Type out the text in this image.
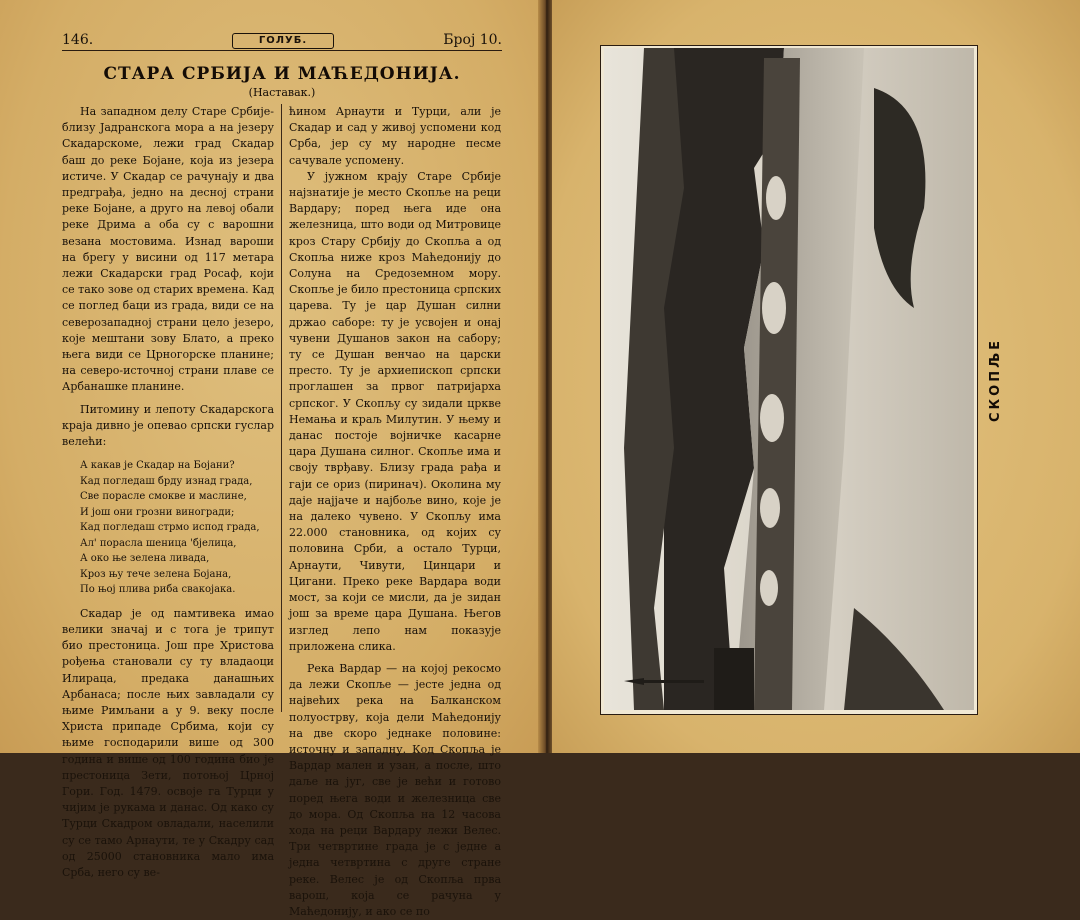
146.	ГОЛУБ.	Број 10.
СТАРА СРБИЈА И МАЋЕДОНИЈА.
(Наставак.)

На западном делу Старе Србије-близу Јадранскога мора а на језеру Скадарскоме, лежи град Скадар баш до реке Бојане, која из језера истиче. У Скадар се рачунају и два предграђа, једно на десној страни реке Бојане, а друго на левој обали реке Дрима а оба су с варошни везана мостовима. Изнад вароши на брегу у висини од 117 метара лежи Скадарски град Росаф, који се тако зове од старих времена. Кад се поглед баци из града, види се на северозападној страни цело језеро, које мештани зову Блато, а преко њега види се Црногорске планине; на северо-источној страни плаве се Арбанашке планине.

Питомину и лепоту Скадарскога краја дивно је опевао српски гуслар велећи:

А какав је Скадар на Бојани?
Кад погледаш брду изнад града,
Све порасле смокве и маслине,
И још они грозни виногради;
Кад погледаш стрмо испод града,
Ал' порасла шеница 'бјелица,
А око ње зелена ливада,
Кроз њу тече зелена Бојана,
По њој плива риба свакојака.

Скадар је од памтивека имао велики значај и с тога је трипут био престоница. Још пре Христова рођења становали су ту владаоци Илираца, предака данашњих Арбанаса; после њих завладали су њиме Римљани а у 9. веку после Христа припаде Србима, који су њиме господарили више од 300 година и више од 100 година био је престоница Зети, потоњој Црној Гори. Год. 1479. освоје га Турци у чијим је рукама и данас. Од како су Турци Скадром овладали, населили су се тамо Арнаути, те у Скадру сад од 25000 становника мало има Срба, него су ве-

ћином Арнаути и Турци, али је Скадар и сад у живој успомени код Срба, јер су му народне песме сачувале успомену.

У јужном крају Старе Србије најзнатије је место Скопље на реци Вардару; поред њега иде она железница, што води од Митровице кроз Стару Србију до Скопља а од Скопља ниже кроз Маћедонију до Солуна на Средоземном мору. Скопље је било престоница српских царева. Ту је цар Душан силни држао саборе: ту је усвојен и онај чувени Душанов закон на сабору; ту се Душан венчао на царски престо. Ту је архиепископ српски проглашен за првог патријарха српског. У Скопљу су зидали цркве Немања и краљ Милутин. У њему и данас постоје војничке касарне цара Душана силног. Скопље има и своју тврђаву. Близу града рађа и гаји се ориз (пиринач). Околина му даје најјаче и најбоље вино, које је на далеко чувено. У Скопљу има 22.000 становника, од којих су половина Срби, а остало Турци, Арнаути, Чивути, Цинцари и Цигани. Преко реке Вардара води мост, за који се мисли, да је зидан још за време цара Душана. Његов изглед лепо нам показује приложена слика.

Река Вардар — на којој рекосмо да лежи Скопље — јесте једна од највећих река на Балканском полуострву, која дели Маћедонију на две скоро једнаке половине: источну и западну. Код Скопља је Вардар мален и узан, а после, што даље на југ, све је већи и готово поред њега води и железница све до мора. Од Скопља на 12 часова хода на реци Вардару лежи Велес. Три четвртине града је с једне а једна четвртина с друге стране реке. Велес је од Скопља прва варош, која се рачуна у Маћедонију, и ако се по

СКОПЉЕ
